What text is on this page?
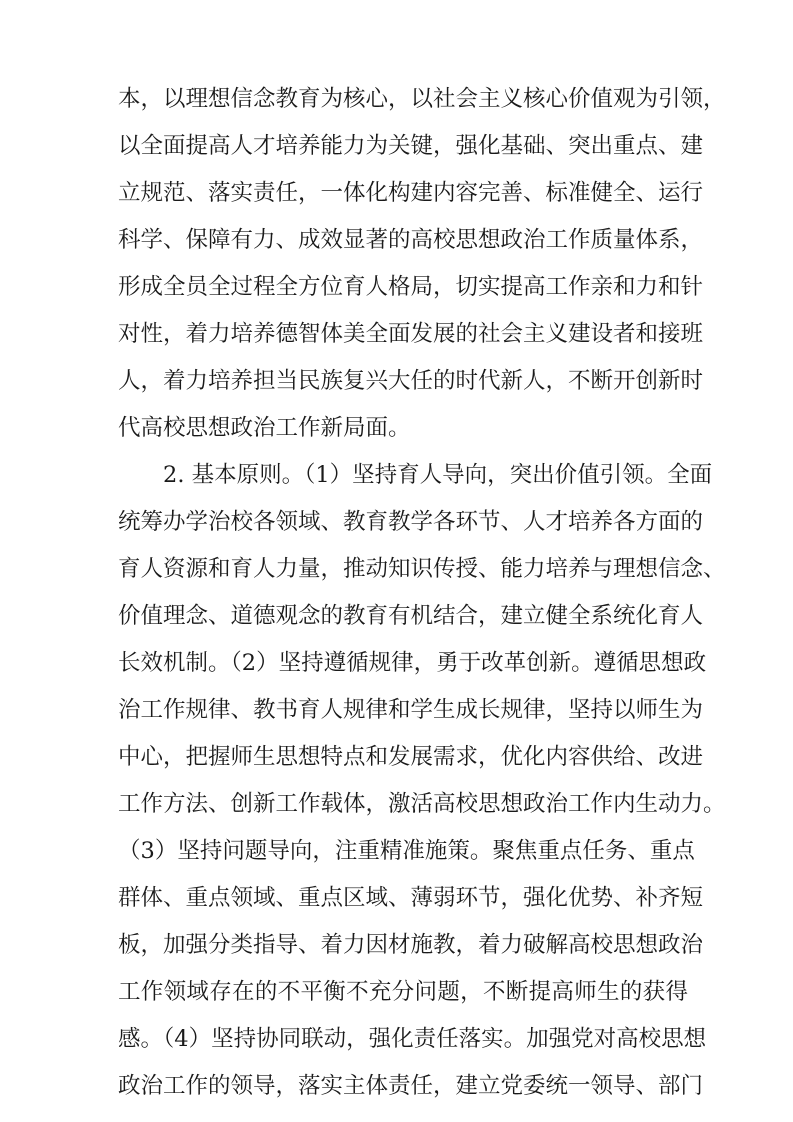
本，以理想信念教育为核心，以社会主义核心价值观为引领，
以全面提高人才培养能力为关键，强化基础、突出重点、建
立规范、落实责任，一体化构建内容完善、标准健全、运行
科学、保障有力、成效显著的高校思想政治工作质量体系，
形成全员全过程全方位育人格局，切实提高工作亲和力和针
对性，着力培养德智体美全面发展的社会主义建设者和接班
人，着力培养担当民族复兴大任的时代新人，不断开创新时
代高校思想政治工作新局面。
2. 基本原则。（1）坚持育人导向，突出价值引领。全面
统筹办学治校各领域、教育教学各环节、人才培养各方面的
育人资源和育人力量，推动知识传授、能力培养与理想信念、
价值理念、道德观念的教育有机结合，建立健全系统化育人
长效机制。（2）坚持遵循规律，勇于改革创新。遵循思想政
治工作规律、教书育人规律和学生成长规律，坚持以师生为
中心，把握师生思想特点和发展需求，优化内容供给、改进
工作方法、创新工作载体，激活高校思想政治工作内生动力。
（3）坚持问题导向，注重精准施策。聚焦重点任务、重点
群体、重点领域、重点区域、薄弱环节，强化优势、补齐短
板，加强分类指导、着力因材施教，着力破解高校思想政治
工作领域存在的不平衡不充分问题，不断提高师生的获得
感。（4）坚持协同联动，强化责任落实。加强党对高校思想
政治工作的领导，落实主体责任，建立党委统一领导、部门
